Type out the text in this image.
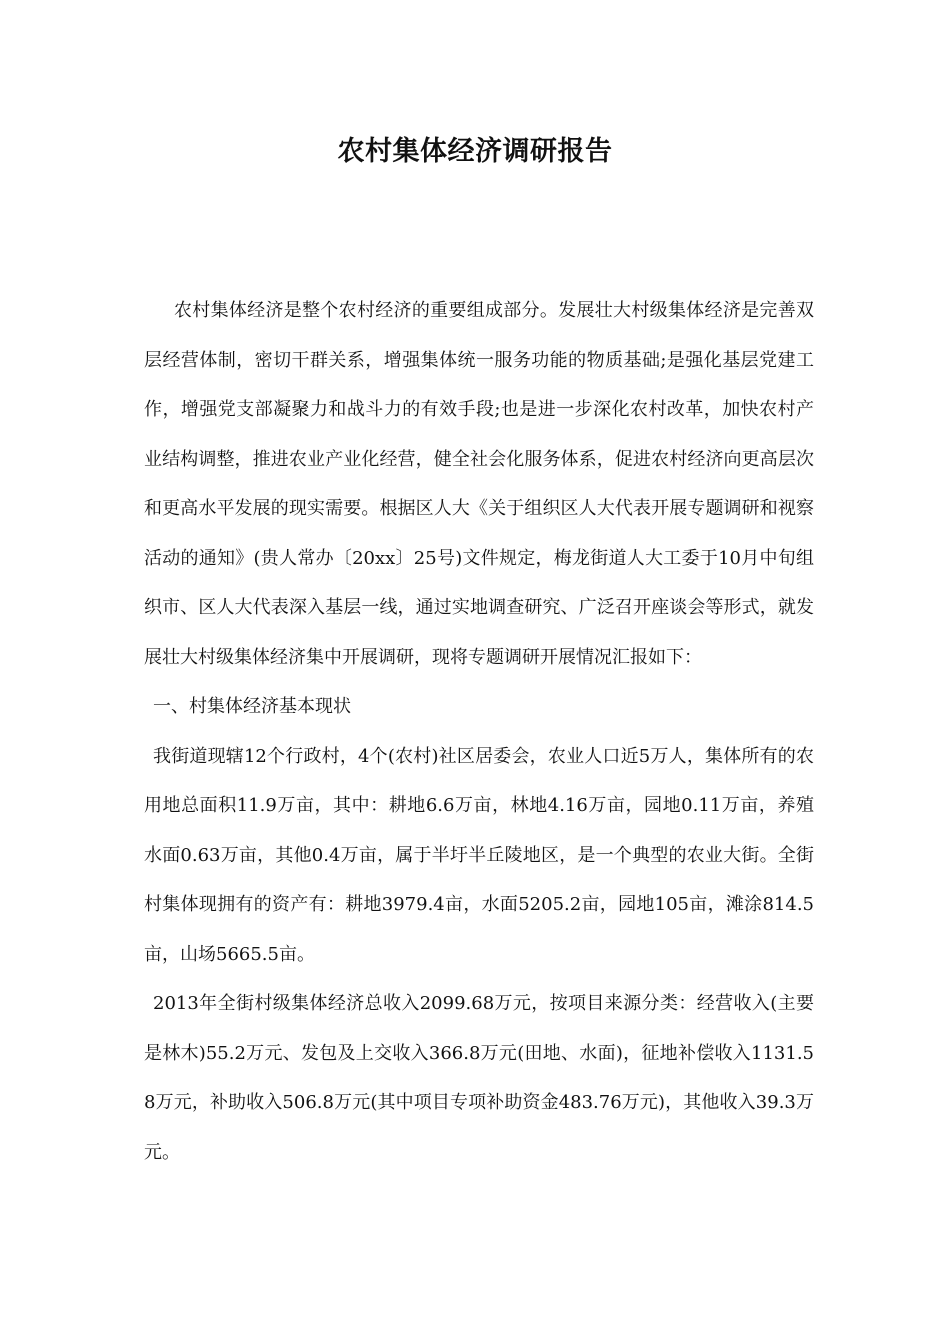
农村集体经济调研报告

农村集体经济是整个农村经济的重要组成部分。发展壮大村级集体经济是完善双层经营体制，密切干群关系，增强集体统一服务功能的物质基础;是强化基层党建工作，增强党支部凝聚力和战斗力的有效手段;也是进一步深化农村改革，加快农村产业结构调整，推进农业产业化经营，健全社会化服务体系，促进农村经济向更高层次和更高水平发展的现实需要。根据区人大《关于组织区人大代表开展专题调研和视察活动的通知》(贵人常办〔20xx〕25号)文件规定，梅龙街道人大工委于10月中旬组织市、区人大代表深入基层一线，通过实地调查研究、广泛召开座谈会等形式，就发展壮大村级集体经济集中开展调研，现将专题调研开展情况汇报如下：

一、村集体经济基本现状

我街道现辖12个行政村，4个(农村)社区居委会，农业人口近5万人，集体所有的农用地总面积11.9万亩，其中：耕地6.6万亩，林地4.16万亩，园地0.11万亩，养殖水面0.63万亩，其他0.4万亩，属于半圩半丘陵地区，是一个典型的农业大街。全街村集体现拥有的资产有：耕地3979.4亩，水面5205.2亩，园地105亩，滩涂814.5亩，山场5665.5亩。

2013年全街村级集体经济总收入2099.68万元，按项目来源分类：经营收入(主要是林木)55.2万元、发包及上交收入366.8万元(田地、水面)，征地补偿收入1131.58万元，补助收入506.8万元(其中项目专项补助资金483.76万元)，其他收入39.3万元。
